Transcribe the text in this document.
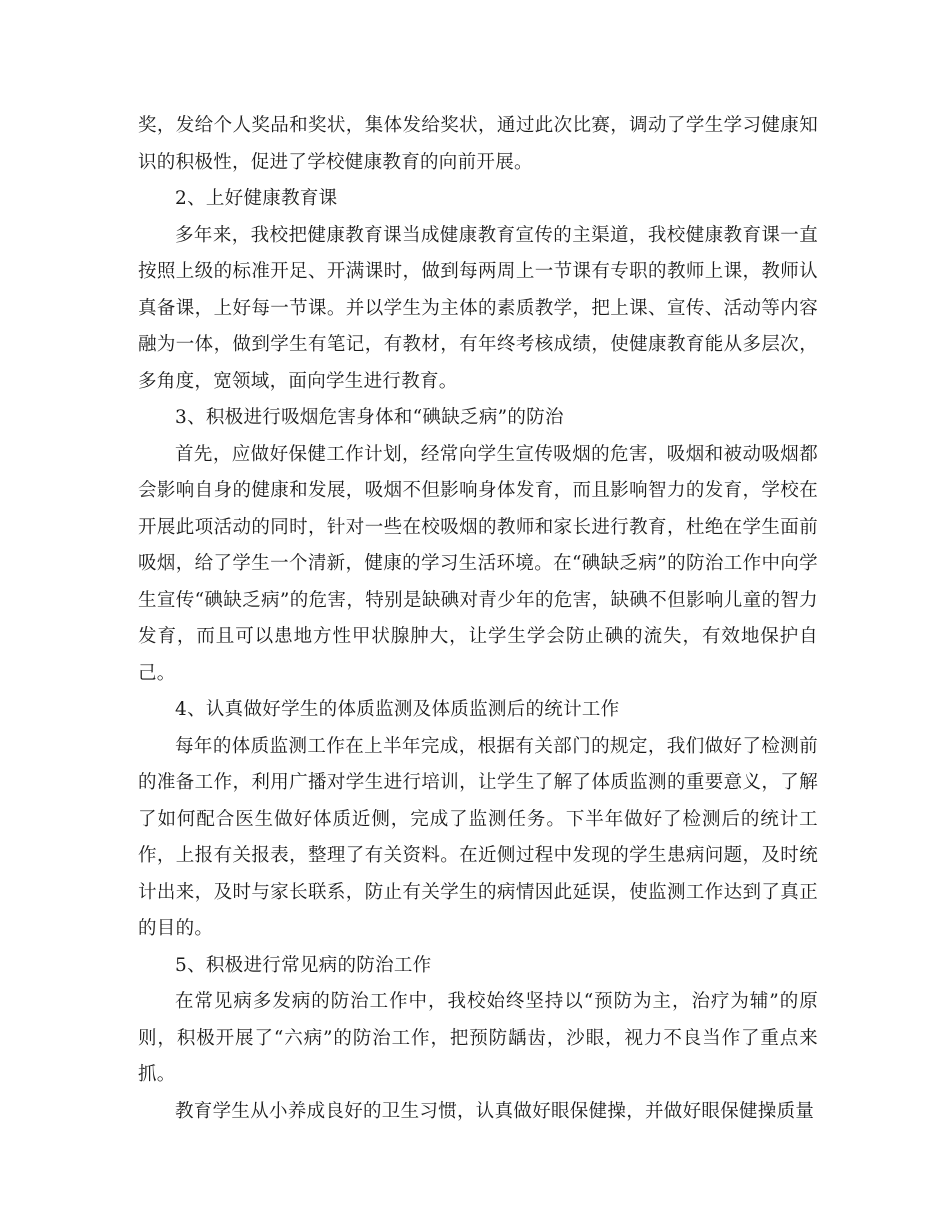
奖，发给个人奖品和奖状，集体发给奖状，通过此次比赛，调动了学生学习健康知识的积极性，促进了学校健康教育的向前开展。

2、上好健康教育课

多年来，我校把健康教育课当成健康教育宣传的主渠道，我校健康教育课一直按照上级的标准开足、开满课时，做到每两周上一节课有专职的教师上课，教师认真备课，上好每一节课。并以学生为主体的素质教学，把上课、宣传、活动等内容融为一体，做到学生有笔记，有教材，有年终考核成绩，使健康教育能从多层次，多角度，宽领域，面向学生进行教育。

3、积极进行吸烟危害身体和“碘缺乏病”的防治

首先，应做好保健工作计划，经常向学生宣传吸烟的危害，吸烟和被动吸烟都会影响自身的健康和发展，吸烟不但影响身体发育，而且影响智力的发育，学校在开展此项活动的同时，针对一些在校吸烟的教师和家长进行教育，杜绝在学生面前吸烟，给了学生一个清新，健康的学习生活环境。在“碘缺乏病”的防治工作中向学生宣传“碘缺乏病”的危害，特别是缺碘对青少年的危害，缺碘不但影响儿童的智力发育，而且可以患地方性甲状腺肿大，让学生学会防止碘的流失，有效地保护自己。

4、认真做好学生的体质监测及体质监测后的统计工作

每年的体质监测工作在上半年完成，根据有关部门的规定，我们做好了检测前的准备工作，利用广播对学生进行培训，让学生了解了体质监测的重要意义，了解了如何配合医生做好体质近侧，完成了监测任务。下半年做好了检测后的统计工作，上报有关报表，整理了有关资料。在近侧过程中发现的学生患病问题，及时统计出来，及时与家长联系，防止有关学生的病情因此延误，使监测工作达到了真正的目的。

5、积极进行常见病的防治工作

在常见病多发病的防治工作中，我校始终坚持以“预防为主，治疗为辅”的原则，积极开展了“六病”的防治工作，把预防龋齿，沙眼，视力不良当作了重点来抓。

教育学生从小养成良好的卫生习惯，认真做好眼保健操，并做好眼保健操质量
